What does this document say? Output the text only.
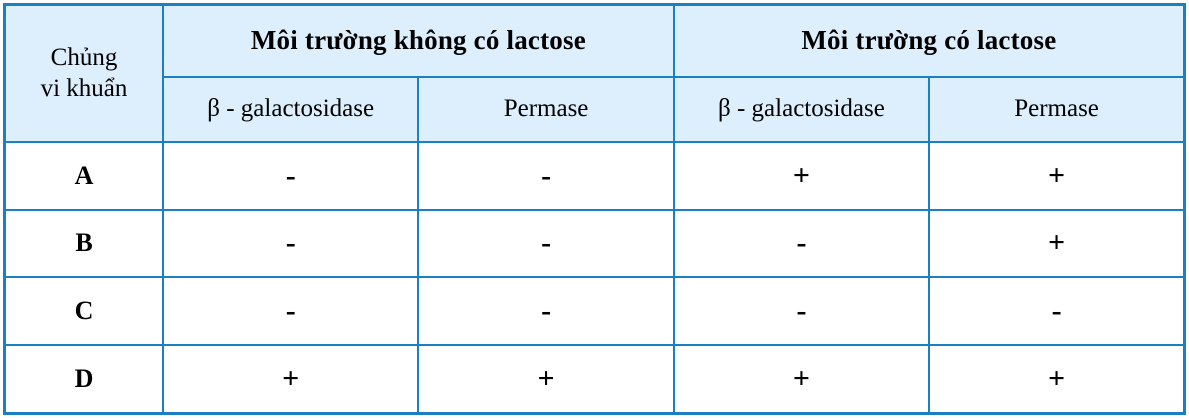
Chủng
vi khuẩn	Môi trường không có lactose		Môi trường có lactose	
	β - galactosidase	Permase	β - galactosidase	Permase
A	-	-	+	+
B	-	-	-	+
C	-	-	-	-
D	+	+	+	+
